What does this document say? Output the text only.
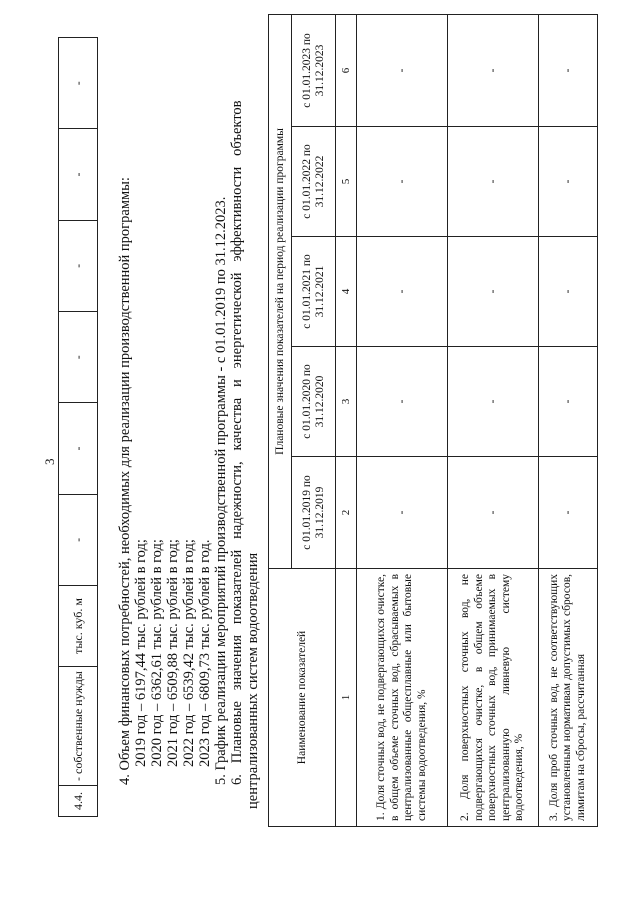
3
4.4.	- собственные нужды	тыс. куб. м	-	-	-	-	-	-
4. Объем финансовых потребностей, необходимых для реализации производственной программы: 2019 год – 6197,44 тыс. рублей в год; 2020 год – 6362,61 тыс. рублей в год; 2021 год – 6509,88 тыс. рублей в год; 2022 год – 6539,42 тыс. рублей в год; 2023 год – 6809,73 тыс. рублей в год. 5. График реализации мероприятий производственной программы - с 01.01.2019 по 31.12.2023. 6.   Плановые   значения   показателей   надежности,   качества   и   энергетической   эффективности   объектов централизованных систем водоотведения	Наименование показателей	Плановые значения показателей на период реализации программы				
	с 01.01.2019 по 31.12.2019	с 01.01.2020 по 31.12.2020	с 01.01.2021 по 31.12.2021	с 01.01.2022 по 31.12.2022	с 01.01.2023 по 31.12.2023
1	2	3	4	5	6
1. Доля сточных вод, не подвергающихся очистке, в общем объеме сточных вод, сбрасываемых в централизованные общесплавные или бытовые системы водоотведения, %	-	-	-	-	-
2. Доля поверхностных сточных вод, не подвергающихся очистке, в общем объеме поверхностных сточных вод, принимаемых в централизованную ливневую систему водоотведения, %	-	-	-	-	-
3. Доля проб сточных вод, не соответствующих установленным нормативам допустимых сбросов, лимитам на сбросы, рассчитанная	-	-	-	-	-
